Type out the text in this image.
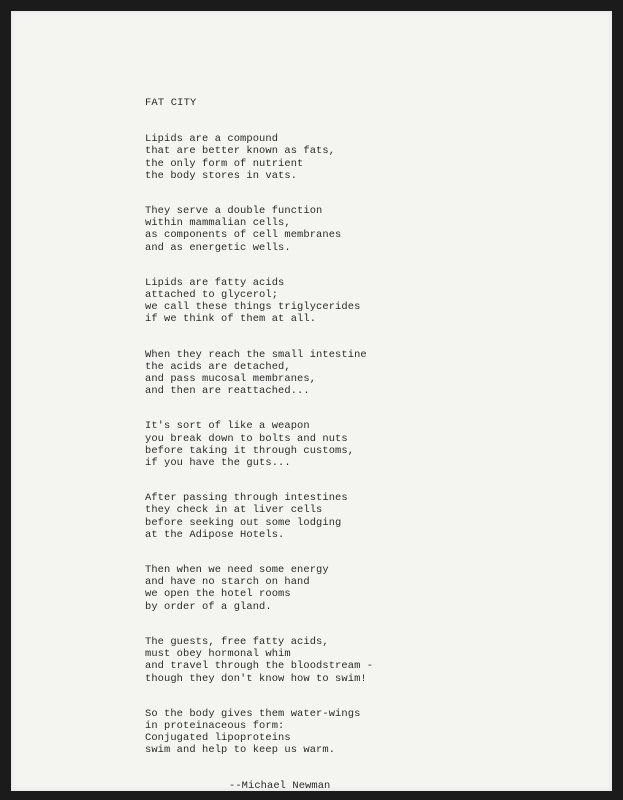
FAT CITY
Lipids are a compound
that are better known as fats,
the only form of nutrient
the body stores in vats.
They serve a double function
within mammalian cells,
as components of cell membranes
and as energetic wells.
Lipids are fatty acids
attached to glycerol;
we call these things triglycerides
if we think of them at all.
When they reach the small intestine
the acids are detached,
and pass mucosal membranes,
and then are reattached...
It's sort of like a weapon
you break down to bolts and nuts
before taking it through customs,
if you have the guts...
After passing through intestines
they check in at liver cells
before seeking out some lodging
at the Adipose Hotels.
Then when we need some energy
and have no starch on hand
we open the hotel rooms
by order of a gland.
The guests, free fatty acids,
must obey hormonal whim
and travel through the bloodstream -
though they don't know how to swim!
So the body gives them water-wings
in proteinaceous form:
Conjugated lipoproteins
swim and help to keep us warm.
--Michael Newman
